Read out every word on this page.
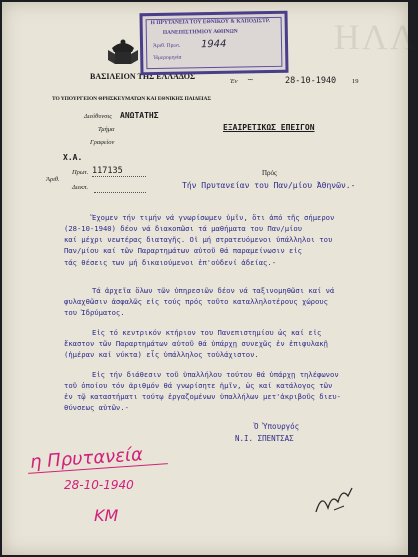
ΗΛΛ
ΒΑΣΙΛΕΙΟΝ ΤΗΣ ΕΛΛΑΔΟΣ
ΤΟ ΥΠΟΥΡΓΕΙΟΝ ΘΡΗΣΚΕΥΜΑΤΩΝ ΚΑΙ ΕΘΝΙΚΗΣ ΠΑΙΔΕΙΑΣ
Διεύθυνσις ΑΝΩΤΑΤΗΣ
Τμήμα
Γραφείον
Χ.Α.
Η ΠΡΥΤΑΝΕΙΑ ΤΟΥ ΕΘΝΙΚΟΥ & ΚΑΠΟΔΙΣΤΡ.
ΠΑΝΕΠΙΣΤΗΜΙΟΥ ΑΘΗΝΩΝ
Ἀριθ. Πρωτ. 1944
Ἡμερομηνία
Ἐν ~	28-10-1940 19
ΕΞΑΙΡΕΤΙΚΩΣ ΕΠΕΙΓΟΝ
Ἀριθ.
Πρωτ. 117135
Διεκπ.
Πρός
Τήν Πρυτανείαν του Παν/μίου Ἀθηνῶν.-
Ἔχομεν τήν τιμήν νά γνωρίσωμεν ὑμῖν, ὅτι ἀπό τῆς σήμερον
(28-10-1940) δέον νά διακοπῶσι τά μαθήματα του Παν/μίου
καί μέχρι νεωτέρας διαταγῆς. Οἱ μή στρατευόμενοι ὑπάλληλοι του
Παν/μίου καί τῶν Παραρτημάτων αὐτοῦ θά παραμείνωσιν εἰς
τάς θέσεις των μή δικαιούμενοι ἐπ'οὐδενί ἀδείας.-
Τά ἀρχεῖα ὅλων τῶν ὑπηρεσιῶν δέον νά ταξινομηθῶσι καί νά
φυλαχθῶσιν ἀσφαλῶς εἰς τούς πρός τοῦτο καταλληλοτέρους χώρους
του Ἱδρύματος.
Εἰς τό κεντρικόν κτήριον του Πανεπιστημίου ὡς καί εἰς
ἕκαστον τῶν Παραρτημάτων αὐτοῦ θά ὑπάρχῃ συνεχῶς ἐν ἐπιφυλακῇ
(ἡμέραν καί νύκτα) εἷς ὑπάλληλος τοὐλάχιστον.
Εἰς τήν διάθεσιν τοῦ ὑπαλλήλου τούτου θά ὑπάρχῃ τηλέφωνον
τοῦ ὁποίου τόν ἀριθμόν θά γνωρίσητε ἡμῖν, ὡς καί κατάλογος τῶν
ἐν τῷ καταστήματι τούτῳ ἐργαζομένων ὑπαλλήλων μετ'ἀκριβοῦς διευ-
θύνσεως αὐτῶν.-
Ὁ Ὑπουργός
Ν.Ι. ΣΠΕΝΤΣΑΣ
η Πρυτανεία
28-10-1940
ΚΜ
